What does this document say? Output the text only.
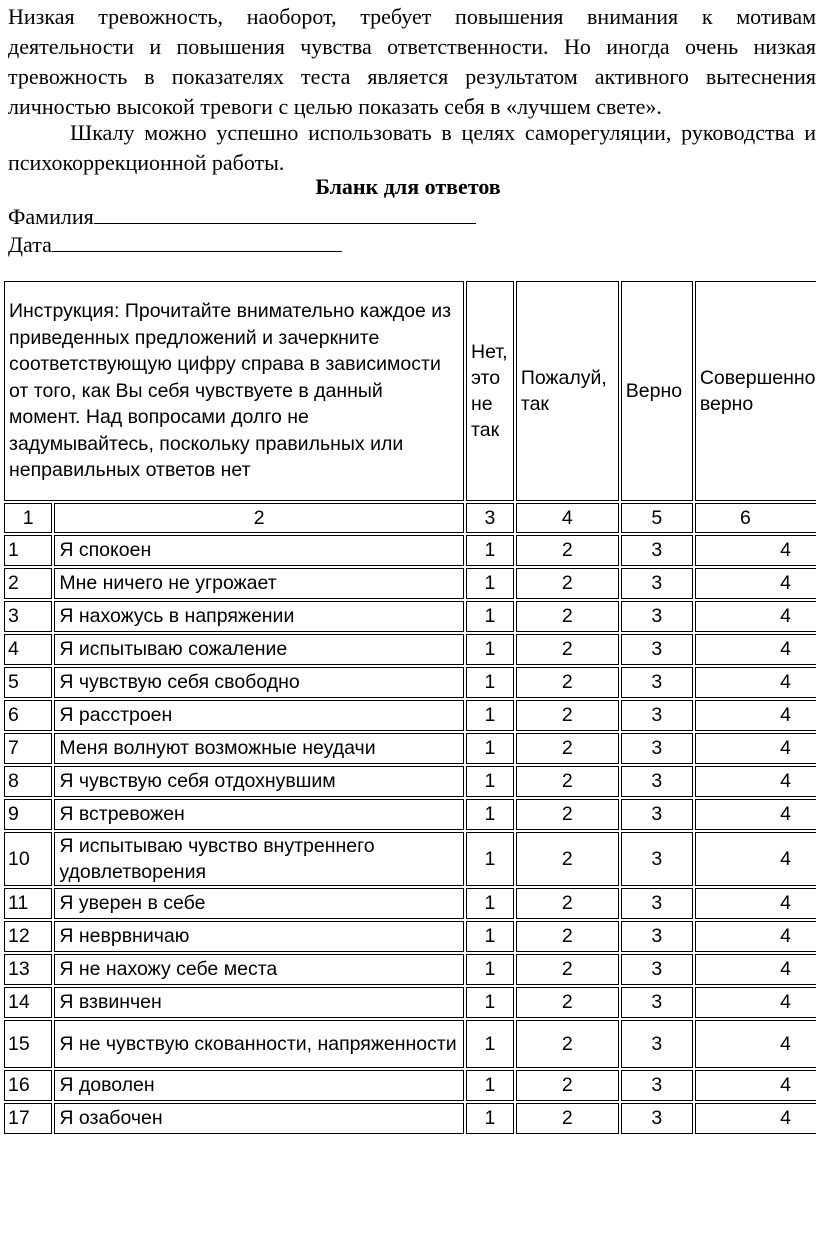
Низкая тревожность, наоборот, требует повышения внимания к мотивам деятельности и повышения чувства ответственности. Но иногда очень низкая тревожность в показателях теста является результатом активного вытеснения личностью высокой тревоги с целью показать себя в «лучшем свете».

Шкалу можно успешно использовать в целях саморегуляции, руководства и психокоррекционной работы.

Бланк для ответов
Фамилия
Дата
Инструкция: Прочитайте внимательно каждое из приведенных предложений и зачеркните соответствующую цифру справа в зависимости от того, как Вы себя чувствуете в данный момент. Над вопросами долго не задумывайтесь, поскольку правильных или неправильных ответов нет		Нет, это не так	Пожалуй, так	Верно	Совершенно верно
1	2	3	4	5	6
1	Я спокоен	1	2	3	4
2	Мне ничего не угрожает	1	2	3	4
3	Я нахожусь в напряжении	1	2	3	4
4	Я испытываю сожаление	1	2	3	4
5	Я чувствую себя свободно	1	2	3	4
6	Я расстроен	1	2	3	4
7	Меня волнуют возможные неудачи	1	2	3	4
8	Я чувствую себя отдохнувшим	1	2	3	4
9	Я встревожен	1	2	3	4
10	Я испытываю чувство внутреннего удовлетворения	1	2	3	4
11	Я уверен в себе	1	2	3	4
12	Я неврвничаю	1	2	3	4
13	Я не нахожу себе места	1	2	3	4
14	Я взвинчен	1	2	3	4
15	Я не чувствую скованности, напряженности	1	2	3	4
16	Я доволен	1	2	3	4
17	Я озабочен	1	2	3	4
